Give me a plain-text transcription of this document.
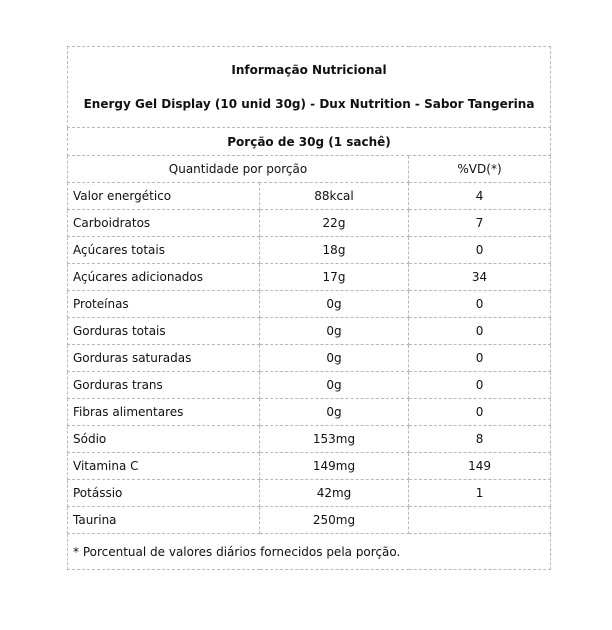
Informação Nutricional
Energy Gel Display (10 unid 30g) - Dux Nutrition - Sabor Tangerina		

Porção de 30g (1 sachê)		
Quantidade por porção		%VD(*)
Valor energético	88kcal	4
Carboidratos	22g	7
Açúcares totais	18g	0
Açúcares adicionados	17g	34
Proteínas	0g	0
Gorduras totais	0g	0
Gorduras saturadas	0g	0
Gorduras trans	0g	0
Fibras alimentares	0g	0
Sódio	153mg	8
Vitamina C	149mg	149
Potássio	42mg	1
Taurina	250mg	
* Porcentual de valores diários fornecidos pela porção.		
